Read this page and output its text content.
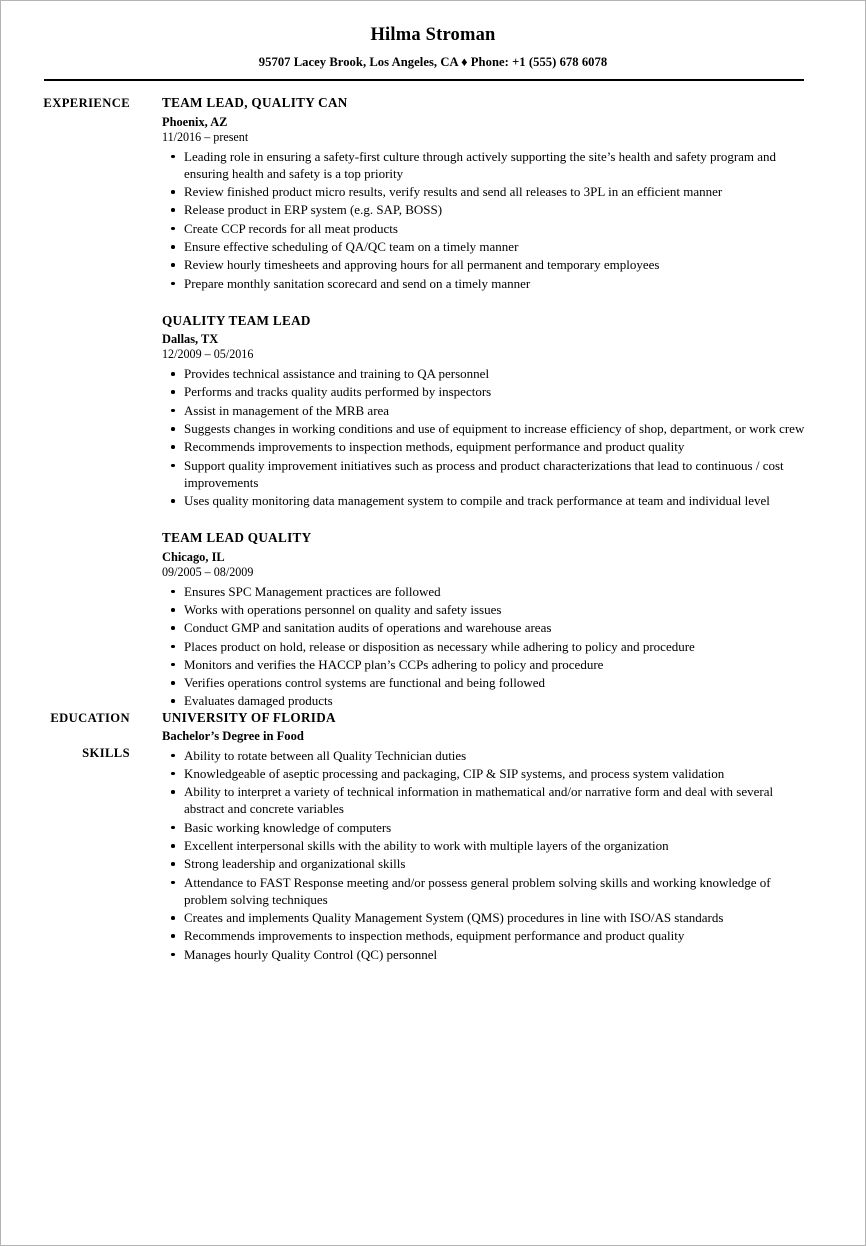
Hilma Stroman
95707 Lacey Brook, Los Angeles, CA ♦ Phone: +1 (555) 678 6078
EXPERIENCE TEAM LEAD, QUALITY CAN
Phoenix, AZ
11/2016 – present
Leading role in ensuring a safety-first culture through actively supporting the site’s health and safety program and ensuring health and safety is a top priority
Review finished product micro results, verify results and send all releases to 3PL in an efficient manner
Release product in ERP system (e.g. SAP, BOSS)
Create CCP records for all meat products
Ensure effective scheduling of QA/QC team on a timely manner
Review hourly timesheets and approving hours for all permanent and temporary employees
Prepare monthly sanitation scorecard and send on a timely manner
QUALITY TEAM LEAD
Dallas, TX
12/2009 – 05/2016
Provides technical assistance and training to QA personnel
Performs and tracks quality audits performed by inspectors
Assist in management of the MRB area
Suggests changes in working conditions and use of equipment to increase efficiency of shop, department, or work crew
Recommends improvements to inspection methods, equipment performance and product quality
Support quality improvement initiatives such as process and product characterizations that lead to continuous / cost improvements
Uses quality monitoring data management system to compile and track performance at team and individual level
TEAM LEAD QUALITY
Chicago, IL
09/2005 – 08/2009
Ensures SPC Management practices are followed
Works with operations personnel on quality and safety issues
Conduct GMP and sanitation audits of operations and warehouse areas
Places product on hold, release or disposition as necessary while adhering to policy and procedure
Monitors and verifies the HACCP plan’s CCPs adhering to policy and procedure
Verifies operations control systems are functional and being followed
Evaluates damaged products
EDUCATION UNIVERSITY OF FLORIDA
Bachelor’s Degree in Food
SKILLS	Ability to rotate between all Quality Technician duties
Knowledgeable of aseptic processing and packaging, CIP & SIP systems, and process system validation
Ability to interpret a variety of technical information in mathematical and/or narrative form and deal with several abstract and concrete variables
Basic working knowledge of computers
Excellent interpersonal skills with the ability to work with multiple layers of the organization
Strong leadership and organizational skills
Attendance to FAST Response meeting and/or possess general problem solving skills and working knowledge of problem solving techniques
Creates and implements Quality Management System (QMS) procedures in line with ISO/AS standards
Recommends improvements to inspection methods, equipment performance and product quality
Manages hourly Quality Control (QC) personnel
